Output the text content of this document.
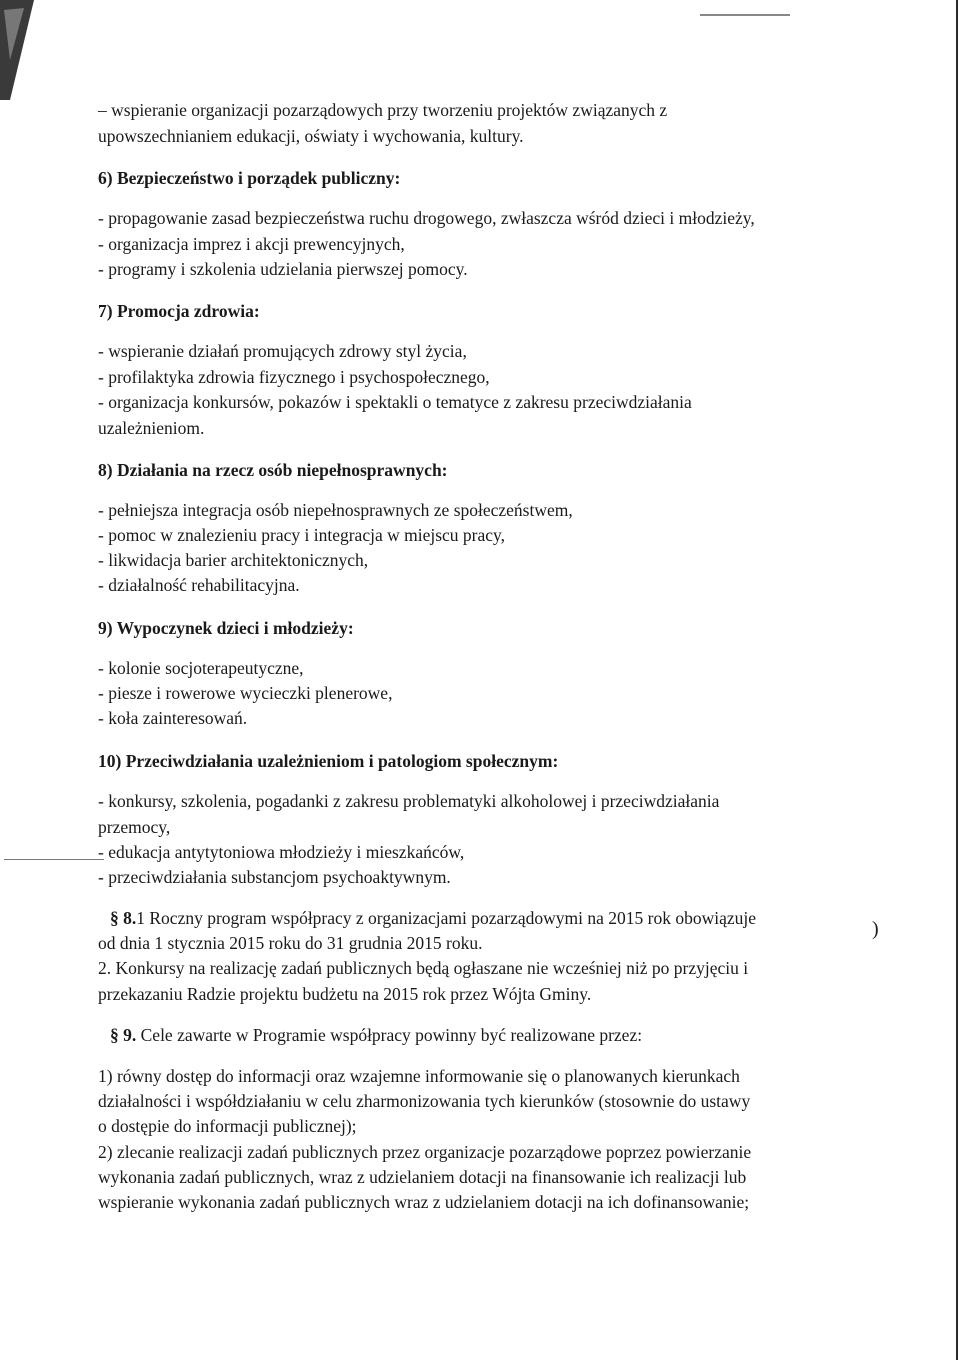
– wspieranie organizacji pozarządowych przy tworzeniu projektów związanych z
upowszechnianiem edukacji, oświaty i wychowania, kultury.
6) Bezpieczeństwo i porządek publiczny:
- propagowanie zasad bezpieczeństwa ruchu drogowego, zwłaszcza wśród dzieci i młodzieży,
- organizacja imprez i akcji prewencyjnych,
- programy i szkolenia udzielania pierwszej pomocy.
7) Promocja zdrowia:
- wspieranie działań promujących zdrowy styl życia,
- profilaktyka zdrowia fizycznego i psychospołecznego,
- organizacja konkursów, pokazów i spektakli o tematyce z zakresu przeciwdziałania
uzależnieniom.
8) Działania na rzecz osób niepełnosprawnych:
- pełniejsza integracja osób niepełnosprawnych ze społeczeństwem,
- pomoc w znalezieniu pracy i integracja w miejscu pracy,
- likwidacja barier architektonicznych,
- działalność rehabilitacyjna.
9) Wypoczynek dzieci i młodzieży:
- kolonie socjoterapeutyczne,
- piesze i rowerowe wycieczki plenerowe,
- koła zainteresowań.
10) Przeciwdziałania uzależnieniom i patologiom społecznym:
- konkursy, szkolenia, pogadanki z zakresu problematyki alkoholowej i przeciwdziałania
przemocy,
- edukacja antytytoniowa młodzieży i mieszkańców,
- przeciwdziałania substancjom psychoaktywnym.
§ 8.1 Roczny program współpracy z organizacjami pozarządowymi na 2015 rok obowiązuje
od dnia 1 stycznia 2015 roku do 31 grudnia 2015 roku.
2. Konkursy na realizację zadań publicznych będą ogłaszane nie wcześniej niż po przyjęciu i
przekazaniu Radzie projektu budżetu na 2015 rok przez Wójta Gminy.
§ 9. Cele zawarte w Programie współpracy powinny być realizowane przez:
1) równy dostęp do informacji oraz wzajemne informowanie się o planowanych kierunkach
działalności i współdziałaniu w celu zharmonizowania tych kierunków (stosownie do ustawy
o dostępie do informacji publicznej);
2) zlecanie realizacji zadań publicznych przez organizacje pozarządowe poprzez powierzanie
wykonania zadań publicznych, wraz z udzielaniem dotacji na finansowanie ich realizacji lub
wspieranie wykonania zadań publicznych wraz z udzielaniem dotacji na ich dofinansowanie;
)
